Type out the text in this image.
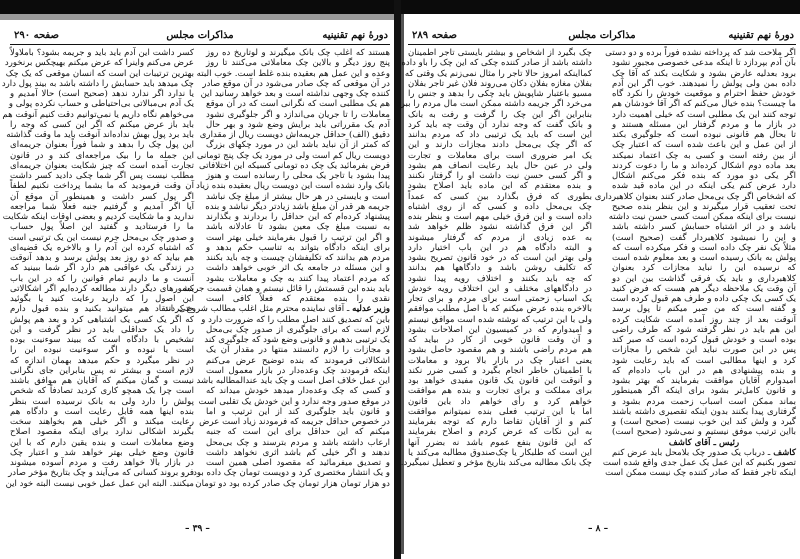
دورهٔ نهم تقنینیه
مذاکرات مجلس
صفحه ۲۹۰
هستند که اغلب چک بانک میگیرند و لوتاریخ ده روز
پنج روز دیگر و بالاین چک معاملاتی می‌کنند تا روز
وعده و این عمل هم بعقیده بنده غلط است. خوب البته
در آن موقعی که چک صادر می‌شود در آن موقع صادر
کننده چک وجهی نداشته است و بعد خواهد رسانید این
هم یک مطلبی است که نگرانی است که در آن موقع
معاملات را تا جریان می‌اندازد و اگر جلوگیری نشود
آدم یک مقرراتی باید برایش وضع شود و بهر حال
دقیق (الف) حداقل جریمه‌اش دویست ریال از مقداری
که کمتر از آن نباید باشد این در مورد چکهای بزرگ
دویست ریال کم است ولی در مورد یک چک پنج تومانی
فرض بفرمائید یک چک ده تومانی کسیکه این اختلافاتی
پیدا بشود با تاجر یک محلی را رسانده است و هنوز
بانک وارد نشده است این دویست ریال بعقیده بنده زیاد
است و بایستی در هر حال بیشتر از مبلغ چک نباشد
جریمه هر قدر آن مبلغ باشد زیادتر دیگر نباشد و بنده
پیشنهاد کرده‌ام که این حداقل را بردارند و بگذارند
به نسبت مبلغ چک معین بشود تا عادلانه باشد
و اگر این ترتیب را قبول بفرمایند خیلی بهتر است
برای اینکه دادگاه بتواند به تناسب حکم بدهد و
مردم هم بدانند که تکلیفشان چیست و چه باید بکنند
و این مسئله در جامعه یک اثر خوبی خواهد داشت
که مردم اعتماد پیدا کنند به چک و معاملات بشود
باید بنده این قسمتش را قائل نیستم و همان قسمت جریمه
نقدی را بنده معتقدم که فعلاً کافی است
وزیر عدلیه ـ آقای نماینده محترم مثل اغلب مطالب شروع کردند
باین که تصدیق کنند اصل مطلب را که ضرورت دارد و
لازم است که برای جلوگیری از صدور چک بی‌محل
یک ترتیبی بدهیم و قانونی وضع شود که جلوگیری کند
و مجازات را لازم دانستند منتها در مقدار آن یک
اشکالاتی فرمودند که بنده توضیح عرض می‌کنم
اینکه فرمودند چک وعده‌دار در بازار معمول است
این عمل خلاف اصل است و چک باید عندالمطالبه باشد
و کسی که چک وعده‌دار میدهد خودش میداند که
در موقع صدور وجه ندارد و این خودش یک تقلبی است
و قانون باید جلوگیری کند از این ترتیب و اما
در خصوص حداقل جریمه که فرمودند زیاد است عرض
میکنم که این حداقل برای این است که جنبه
ارعاب داشته باشد و مردم بترسند و چک بی‌محل
ندهند و اگر خیلی کم باشد اثری نخواهد داشت
و تصدیق میفرمائید که مقصود اصلی همین است
و یک انتشار مختصری کرد و دویست تومان چک داده بود
دو هزار تومان هزار تومان چک صادر کرده بود دو تومان
کسر داشت این آدم باید باید و جریمه بشود؟ باملاولاً
عرض می‌کنم واینرا که عرض میکنم بهیچکس برنخورد
بهترین ترتیبات این است که انسان موقعی که یک چک
چک میدهد باید حسابش را داشته باشد به بیند پول دارد
یا ندارد اگر ندارد ندهد (صحیح است) حالا آمدیم و
یک آدم بی‌مبالاتی بی‌احتیاطی و حساب نکرده پولی و
می‌خواهم نگاه داریم یا نمی‌توانیم دقت کنیم آنوقت هم
باید باز عرض میکنم که اگر این کسی که وجه را
باید برد پول بهش نداده‌اند آنوقت باید ما وقت گذاشته
این پول چک را بدهد و شما فوراً بعنوان جریمه‌ای
این جمله ما را بیک مراجعه‌ای کند و در قانون
تجارت آمده است که چیز شکایت بعنوان جریمه‌ای
مطلب نیست پس اگر شما چکی دادید کسر داشت
آن وقت فرمودید که ما بشما پرداخت نکنیم لطفاً
اگر پول کسر داشت و همینطور آن موقع آن
آیا اگر آمدیم و گرفتیم جنبه فعلاً شما مراجعه
ندارید و ما شکایت کردیم و بعضی اوقات اینکه شکایت
ما را فرستادید و گفتید این اصلاً پول حساب
و صدور چک بی‌محل جرم نیست این یک ترتیبی است
که اشتباه کرده این آدم را و بالاخره یک قضیه‌ای
هم بیاید که دو روز بعد پولش برسد و بدهد آنوقت
در زندگی یک عواقبی هم دارد اگر شما ببینید که
آنست و ما داریم تمام قوانین را که در این باب
کشورهای دیگر دارند مطالعه کرده‌ایم اگر اشکالاتی
این اصول را که دارید رعایت کنید یا بگوئید
حتی انتقاد هم میتوانید بکنید و بنده قبول دارم
که اگر یک کسی یک اشتباهی کرد و بعد هم پولش
را داد یک حداقلی باید در نظر گرفت و این
تشخیص با دادگاه است که ببیند سوءنیت بوده
است یا نبوده و اگر سوءنیت نبوده این را
در نظر میگیرد و حکم میدهد بهمان اندازه که
لازم است و بیشتر نه پس بنابراین جای نگرانی
نیست و گمان میکنم که آقایان هم موافق باشند
است چرا یک همچو کاری کردید تصادفاً که شخص
پولش را دارد ولی به بانک نرسیده است بنظر
بنده اینها همه قابل رعایت است و دادگاه هم
رعایت میکند و اگر خیلی هم بخواهند سخت
بگیرند اشکالی ندارد برای اینکه مقصود اصلاح
وضع معاملات است و بنده یقین دارم که با این
قانون وضع خیلی بهتر خواهد شد و اعتبار چک
در بازار بالا خواهد رفت و مردم آسوده میشوند
فرو بروند کسانی که می‌آیند و چک بتاریخ مؤخر صادر
میکنند. البته این عمل عمل خوبی نیست البته خود این
– ۳۹ –
دورهٔ نهم تقنینیه
مذاکرات مجلس
صفحه ۲۸۹
اگر ملاحت شد که پرداخته نشده فوراً برده و دو دستی
بآن آدم بپردازد تا اینکه مدعی خصوصی مجبور نشود
برود بعدلیه عارض بشود و شکایت بکند که آقا چک
داده بمن ولی پولش را نمیدهند. خوب اگر این آدم
خودش حفظ احترام و موقعیت خودش را نکرد گاه
ما چیست؟ بنده خیال می‌کنم که اگر آقا خودشان هم
توجه کنند این یک مطلبی است که خیلی اهمیت دارد
در بازار ما و مردم گرفتار این مسئله هستند و
تا بحال هم قانونی نبوده است که جلوگیری بکند
از این عمل و این باعث شده است که اعتبار چک
از بین رفته است و کسی به چک اعتماد نمیکند
بعد ماده دوم اشکال کرده‌اند و ما را دعوت کردند
اگر یکی دو مورد که بنده فکر می‌کنم اشکال
دارد عرض کنم یکی اینکه در این ماده قید شده
که اشخاص اگر چک بی‌محل صادر کنند بعنوان کلاهبرداری
تحت تعقیب قرار میگیرند و این بنظر بنده صحیح
نیست برای اینکه ممکن است کسی حسن نیت داشته
باشد و در اثر اشتباه حسابش کسر داشته باشد
و این را نمیشود کلاهبردار گفت (صحیح است)
مثلاً یک نفر چک داده است و فکر میکرده است که
پولش به بانک رسیده است و بعد معلوم شده است
که نرسیده این را نباید مجازات کرد بعنوان
کلاهبرداری و باید یک فرقی گذاشت بین این دو
آن وقت یک ملاحظه دیگر هم هست که فرض کنید
یک کسی یک چکی داده و طرف هم قبول کرده است
و گفته است که من صبر میکنم تا پول برسد
آنوقت بعد از چند روز آمده است شکایت کرده
این هم باید در نظر گرفته شود که طرف راضی
بوده است و خودش قبول کرده است که صبر کند
پس در این صورت نباید این شخص را مجازات
کرد و اینها مطالبی است که باید رعایت شود
و بنده پیشنهادی هم در این باب داده‌ام که
امیدوارم آقایان موافقت بفرمایند که بهتر بشود
و قانون کامل‌تر بشود برای اینکه اگر همینطور
بماند ممکن است اسباب زحمت مردم بشود و
گرفتاری پیدا بکنند بدون اینکه تقصیری داشته باشند
گیرد و ولش کند این خوب نیست (صحیح است) و
بااین ترتیب موفق نیستیم و نمی‌شود (صحیح است)
رئیس ـ آقای کاشف
کاشف ـ درباب یک صدور چک بلامحل باید عرض کنم
تصور بکنیم که این عمل یک عمل جدی واقع شده است
اینکه تاجر فقط که صادر کننده چک نیست ممکن است
چک بگیرد از اشخاص و بیشتر بایستی تاجر اطمینان
داشته باشد از صادر کننده چکی که این چک را باو داده
کمااینکه امروز حالا تاجر را مثال نمی‌زنم یک وقتی که
بفلان مغازه بفلان دکان می‌روند فلان غیر تاجر بفلان
مسیو باعتبار شاپویش باید چکی را بدهد و جنس را
می‌خرد اگر جریمه داشته ممکن است مال مردم را ببرد
بنابراین اگر این چک را گرفت و رفت به بانک
و بانک گفت که وجه ندارد آن وقت چه باید کرد
این است که باید یک ترتیبی داد که مردم بدانند
که اگر چک بی‌محل دادند مجازات دارند و این
یک امر ضروری است برای معاملات و تجارت
ولی در عین حال باید رعایت انصاف هم بشود
و اگر کسی حسن نیت داشت او را گرفتار نکنند
و بنده معتقدم که این ماده باید اصلاح بشود
بطوری که فرق بگذارد بین کسی که عمداً
چک بی‌محل داده و کسی که از روی اشتباه
داده است و این فرق خیلی مهم است و بنظر بنده
اگر این فرق گذاشته نشود ظلم خواهد شد
به عده زیادی از مردم که گرفتار میشوند
و البته دادگاه هم در این باب اختیار دارد
ولی بهتر این است که در خود قانون تصریح بشود
که تکلیف روشن باشد و دادگاهها هم بدانند
که چه باید بکنند و اختلاف رویه پیدا نشود
در دادگاههای مختلف و این اختلاف رویه خودش
یک اسباب زحمتی است برای مردم و برای تجار
بالاخره بنده عرض میکنم که با اصل مطلب موافقم
ولی با این ترتیب که نوشته شده است موافق نیستم
و امیدوارم که در کمیسیون این اصلاحات بشود
و آن وقت قانون خوبی از کار در بیاید که
هم مردم راضی باشند و هم مقصود حاصل بشود
یعنی اعتبار چک در بازار بالا برود و معاملات
با اطمینان خاطر انجام بگیرد و کسی ضرر نکند
و آنوقت این قانون یک قانون مفیدی خواهد بود
برای مملکت و برای تجارت و بنده هم موافقت
خواهم کرد و رأی خواهم داد باین قانون
اما با این ترتیب فعلی بنده نمیتوانم موافقت
کنم و از آقایان تقاضا دارم که توجه بفرمایند
به این نکات که عرض کردم و اصلاح بفرمایند
که این قانون بنفع عموم باشد نه بضرر آنها
این است که طلبکار یا چک‌صندوق مطالبه می‌کند یا
چک بانک مطالبه می‌کند بتاریخ مؤخر و تعطیل نمیگیرد.
– ۸ –
